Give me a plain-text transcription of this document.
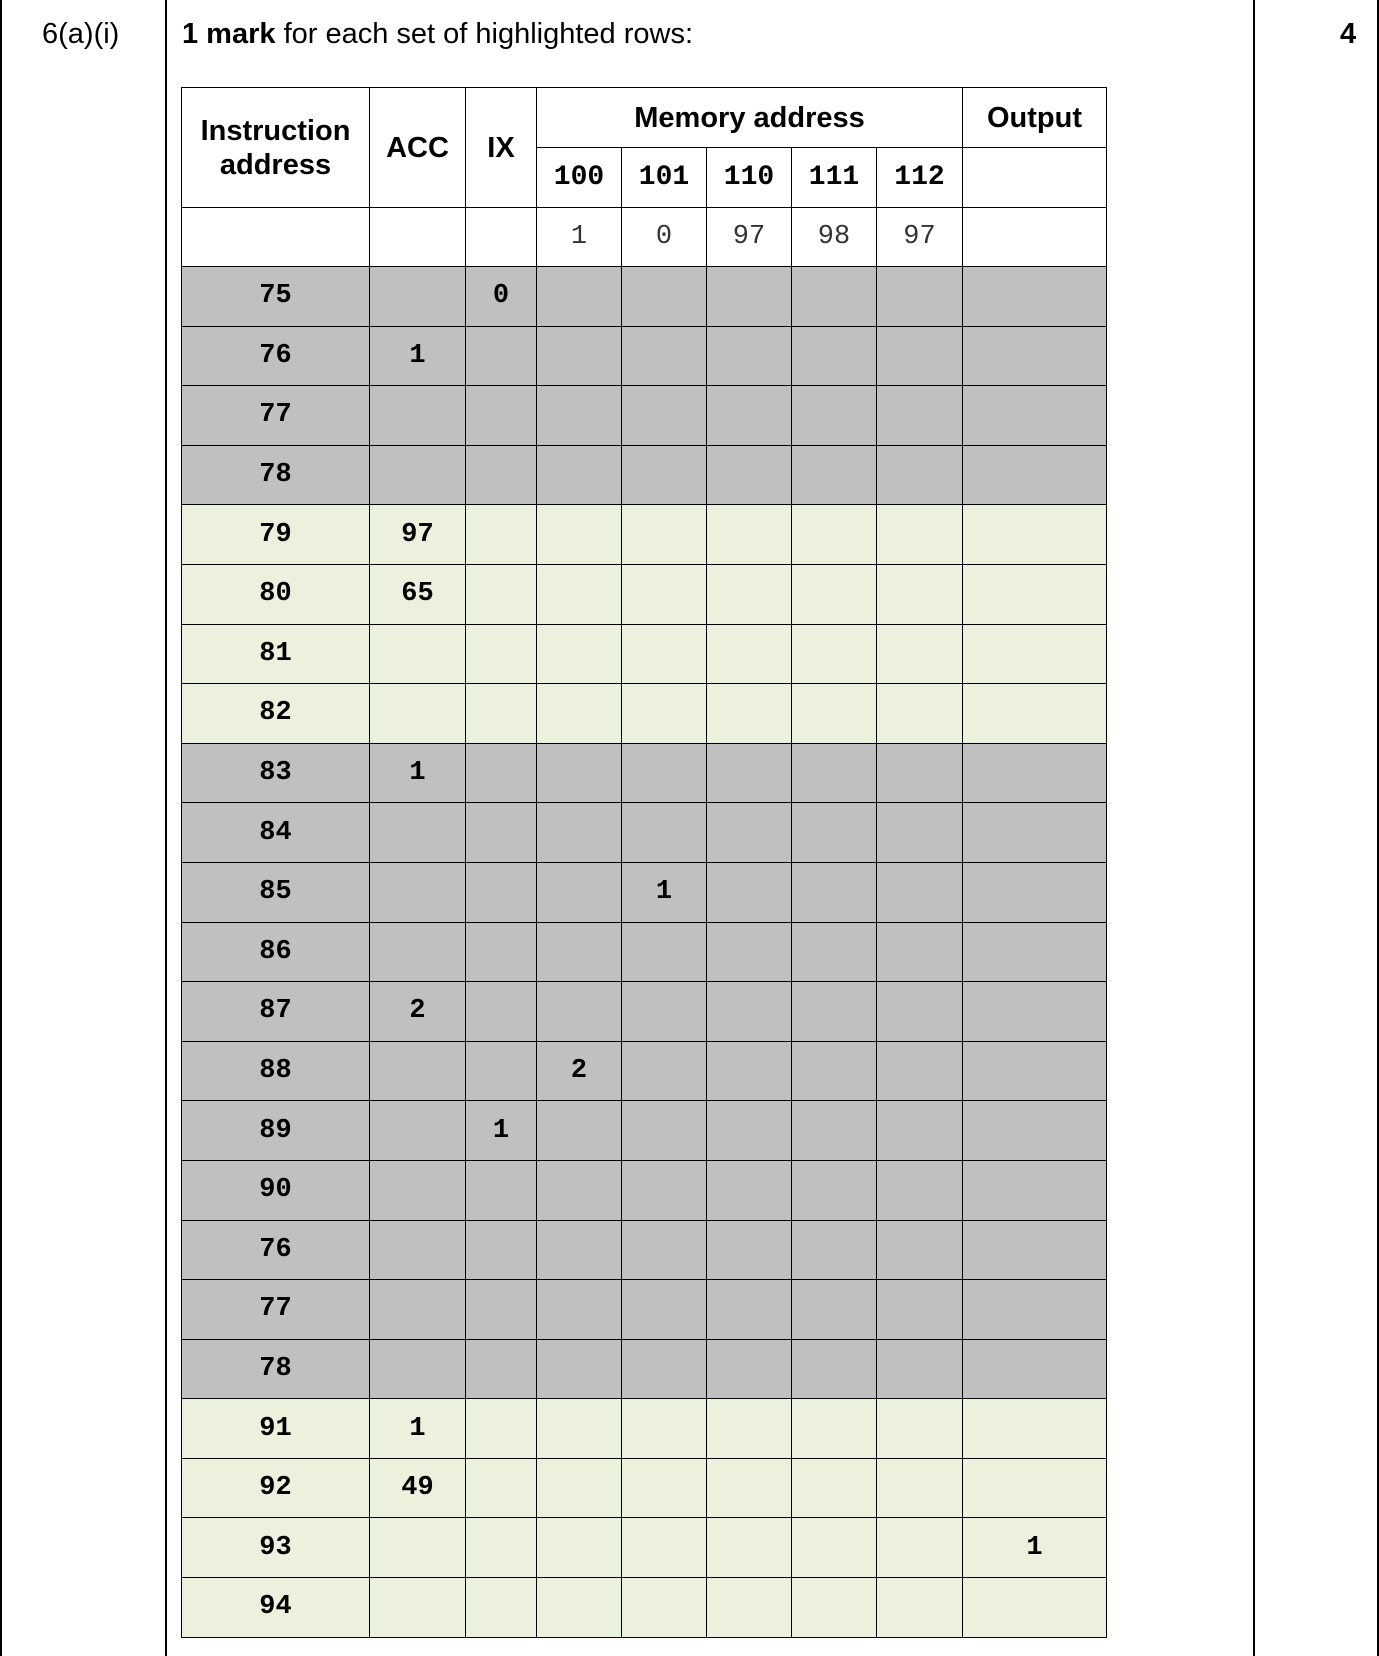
6(a)(i)	4
1 mark for each set of highlighted rows:
Instruction address	ACC	IX	Memory address					Output
			100	101	110	111	112	
			1	0	97	98	97	
75		0						
76	1							
77								
78								
79	97							
80	65							
81								
82								
83	1							
84								
85				1				
86								
87	2							
88			2					
89		1						
90								
76								
77								
78								
91	1							
92	49							
93								1
94								
